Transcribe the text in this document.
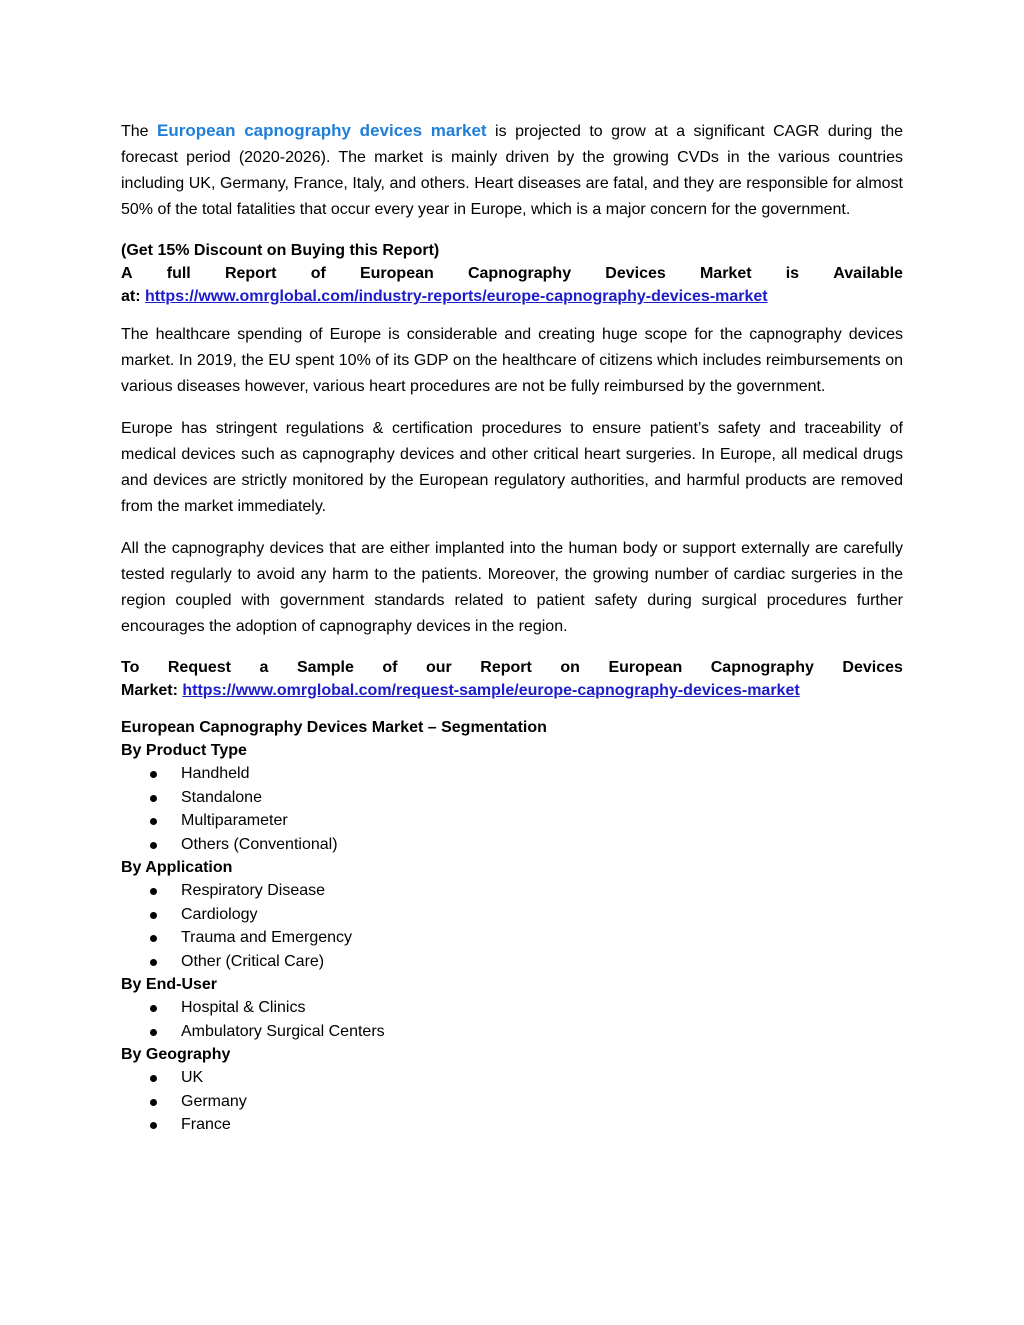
The European capnography devices market is projected to grow at a significant CAGR during the forecast period (2020-2026). The market is mainly driven by the growing CVDs in the various countries including UK, Germany, France, Italy, and others. Heart diseases are fatal, and they are responsible for almost 50% of the total fatalities that occur every year in Europe, which is a major concern for the government.

(Get 15% Discount on Buying this Report)
A full Report of European Capnography Devices Market is Available
at: https://www.omrglobal.com/industry-reports/europe-capnography-devices-market

The healthcare spending of Europe is considerable and creating huge scope for the capnography devices market. In 2019, the EU spent 10% of its GDP on the healthcare of citizens which includes reimbursements on various diseases however, various heart procedures are not be fully reimbursed by the government.

Europe has stringent regulations & certification procedures to ensure patient’s safety and traceability of medical devices such as capnography devices and other critical heart surgeries. In Europe, all medical drugs and devices are strictly monitored by the European regulatory authorities, and harmful products are removed from the market immediately.

All the capnography devices that are either implanted into the human body or support externally are carefully tested regularly to avoid any harm to the patients. Moreover, the growing number of cardiac surgeries in the region coupled with government standards related to patient safety during surgical procedures further encourages the adoption of capnography devices in the region.

To Request a Sample of our Report on European Capnography Devices
Market: https://www.omrglobal.com/request-sample/europe-capnography-devices-market
European Capnography Devices Market – Segmentation
By Product Type
Handheld
Standalone
Multiparameter
Others (Conventional)
By Application
Respiratory Disease
Cardiology
Trauma and Emergency
Other (Critical Care)
By End-User
Hospital & Clinics
Ambulatory Surgical Centers
By Geography
UK
Germany
France
